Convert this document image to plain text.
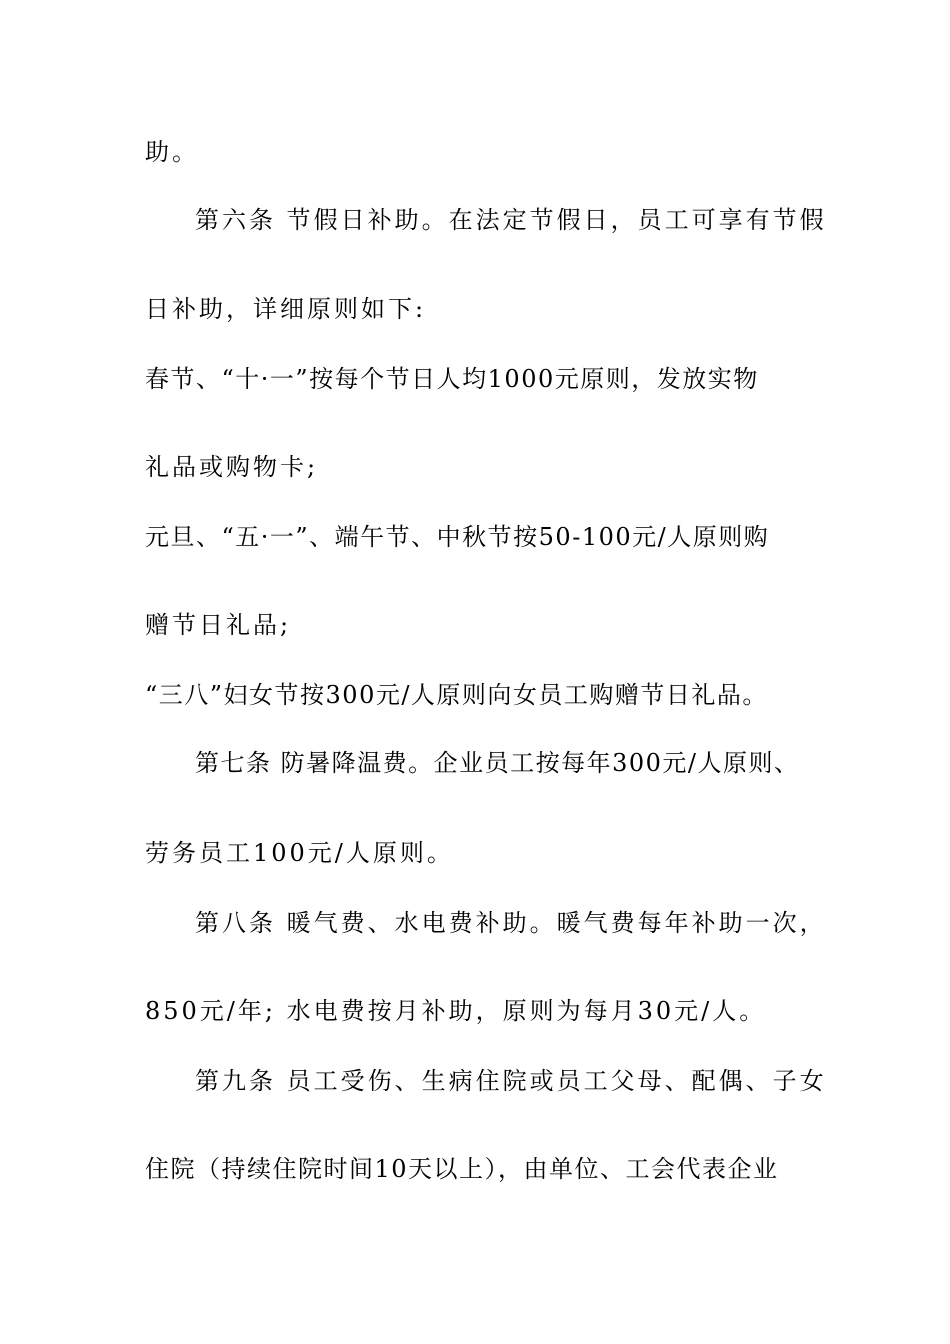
助。
第六条 节假日补助。在法定节假日，员工可享有节假
日补助，详细原则如下:
春节、“十·一”按每个节日人均1000元原则，发放实物
礼品或购物卡;
元旦、“五·一”、端午节、中秋节按50-100元/人原则购
赠节日礼品;
“三八”妇女节按300元/人原则向女员工购赠节日礼品。
第七条 防暑降温费。企业员工按每年300元/人原则、
劳务员工100元/人原则。
第八条 暖气费、水电费补助。暖气费每年补助一次，
850元/年; 水电费按月补助，原则为每月30元/人。
第九条 员工受伤、生病住院或员工父母、配偶、子女
住院（持续住院时间10天以上），由单位、工会代表企业
